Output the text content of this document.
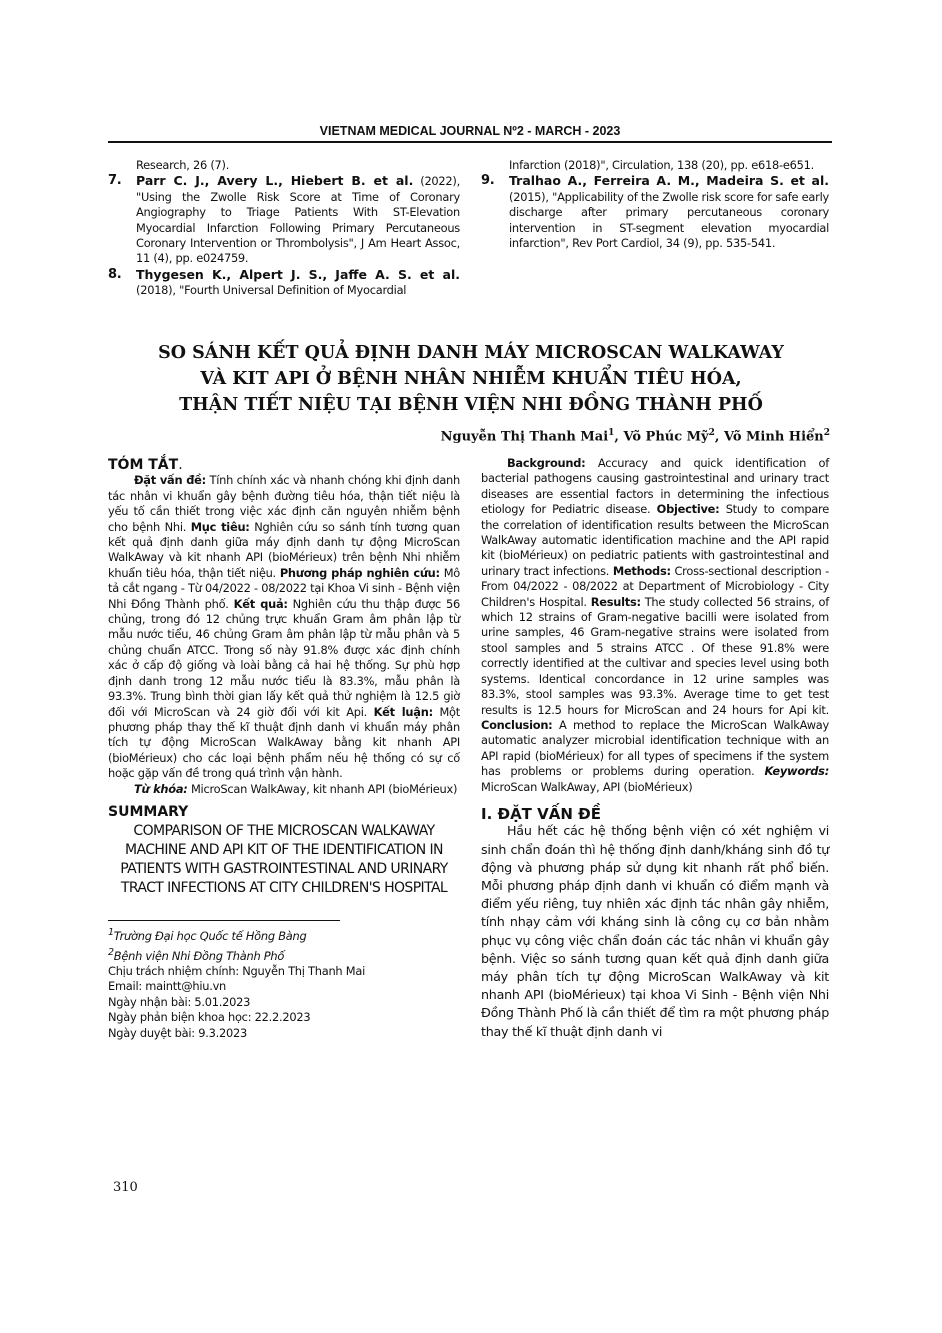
VIETNAM MEDICAL JOURNAL Nº2 - MARCH - 2023
Research, 26 (7).
7.	Parr C. J., Avery L., Hiebert B. et al. (2022), "Using the Zwolle Risk Score at Time of Coronary Angiography to Triage Patients With ST-Elevation Myocardial Infarction Following Primary Percutaneous Coronary Intervention or Thrombolysis", J Am Heart Assoc, 11 (4), pp. e024759.
8.	Thygesen K., Alpert J. S., Jaffe A. S. et al. (2018), "Fourth Universal Definition of Myocardial
Infarction (2018)", Circulation, 138 (20), pp. e618-e651.
9.	Tralhao A., Ferreira A. M., Madeira S. et al. (2015), "Applicability of the Zwolle risk score for safe early discharge after primary percutaneous coronary intervention in ST-segment elevation myocardial infarction", Rev Port Cardiol, 34 (9), pp. 535-541.
SO SÁNH KẾT QUẢ ĐỊNH DANH MÁY MICROSCAN WALKAWAY
VÀ KIT API Ở BỆNH NHÂN NHIỄM KHUẨN TIÊU HÓA,
THẬN TIẾT NIỆU TẠI BỆNH VIỆN NHI ĐỒNG THÀNH PHỐ
Nguyễn Thị Thanh Mai$^1$, Võ Phúc Mỹ$^2$, Võ Minh Hiển$^2$
TÓM TẮT.

Đặt vấn đề: Tính chính xác và nhanh chóng khi định danh tác nhân vi khuẩn gây bệnh đường tiêu hóa, thận tiết niệu là yếu tố cần thiết trong việc xác định căn nguyên nhiễm bệnh cho bệnh Nhi. Mục tiêu: Nghiên cứu so sánh tính tương quan kết quả định danh giữa máy định danh tự động MicroScan WalkAway và kit nhanh API (bioMérieux) trên bệnh Nhi nhiễm khuẩn tiêu hóa, thận tiết niệu. Phương pháp nghiên cứu: Mô tả cắt ngang - Từ 04/2022 - 08/2022 tại Khoa Vi sinh - Bệnh viện Nhi Đồng Thành phố. Kết quả: Nghiên cứu thu thập được 56 chủng, trong đó 12 chủng trực khuẩn Gram âm phân lập từ mẫu nước tiểu, 46 chủng Gram âm phân lập từ mẫu phân và 5 chủng chuẩn ATCC. Trong số này 91.8% được xác định chính xác ở cấp độ giống và loài bằng cả hai hệ thống. Sự phù hợp định danh trong 12 mẫu nước tiểu là 83.3%, mẫu phân là 93.3%. Trung bình thời gian lấy kết quả thử nghiệm là 12.5 giờ đối với MicroScan và 24 giờ đối với kit Api. Kết luận: Một phương pháp thay thế kĩ thuật định danh vi khuẩn máy phân tích tự động MicroScan WalkAway bằng kit nhanh API (bioMérieux) cho các loại bệnh phẩm nếu hệ thống có sự cố hoặc gặp vấn đề trong quá trình vận hành.

Từ khóa: MicroScan WalkAway, kit nhanh API (bioMérieux)

SUMMARY
COMPARISON OF THE MICROSCAN WALKAWAY MACHINE AND API KIT OF THE IDENTIFICATION IN PATIENTS WITH GASTROINTESTINAL AND URINARY TRACT INFECTIONS AT CITY CHILDREN'S HOSPITAL
$^1$Trường Đại học Quốc tế Hồng Bàng
$^2$Bệnh viện Nhi Đồng Thành Phố
Chịu trách nhiệm chính: Nguyễn Thị Thanh Mai
Email: maintt@hiu.vn
Ngày nhận bài: 5.01.2023
Ngày phản biện khoa học: 22.2.2023
Ngày duyệt bài: 9.3.2023

Background: Accuracy and quick identification of bacterial pathogens causing gastrointestinal and urinary tract diseases are essential factors in determining the infectious etiology for Pediatric disease. Objective: Study to compare the correlation of identification results between the MicroScan WalkAway automatic identification machine and the API rapid kit (bioMérieux) on pediatric patients with gastrointestinal and urinary tract infections. Methods: Cross-sectional description - From 04/2022 - 08/2022 at Department of Microbiology - City Children's Hospital. Results: The study collected 56 strains, of which 12 strains of Gram-negative bacilli were isolated from urine samples, 46 Gram-negative strains were isolated from stool samples and 5 strains ATCC . Of these 91.8% were correctly identified at the cultivar and species level using both systems. Identical concordance in 12 urine samples was 83.3%, stool samples was 93.3%. Average time to get test results is 12.5 hours for MicroScan and 24 hours for Api kit. Conclusion: A method to replace the MicroScan WalkAway automatic analyzer microbial identification technique with an API rapid (bioMérieux) for all types of specimens if the system has problems or problems during operation. Keywords: MicroScan WalkAway, API (bioMérieux)

I. ĐẶT VẤN ĐỀ

Hầu hết các hệ thống bệnh viện có xét nghiệm vi sinh chẩn đoán thì hệ thống định danh/kháng sinh đồ tự động và phương pháp sử dụng kit nhanh rất phổ biến. Mỗi phương pháp định danh vi khuẩn có điểm mạnh và điểm yếu riêng, tuy nhiên xác định tác nhân gây nhiễm, tính nhạy cảm với kháng sinh là công cụ cơ bản nhằm phục vụ công việc chẩn đoán các tác nhân vi khuẩn gây bệnh. Việc so sánh tương quan kết quả định danh giữa máy phân tích tự động MicroScan WalkAway và kit nhanh API (bioMérieux) tại khoa Vi Sinh - Bệnh viện Nhi Đồng Thành Phố là cần thiết để tìm ra một phương pháp thay thế kĩ thuật định danh vi

310
